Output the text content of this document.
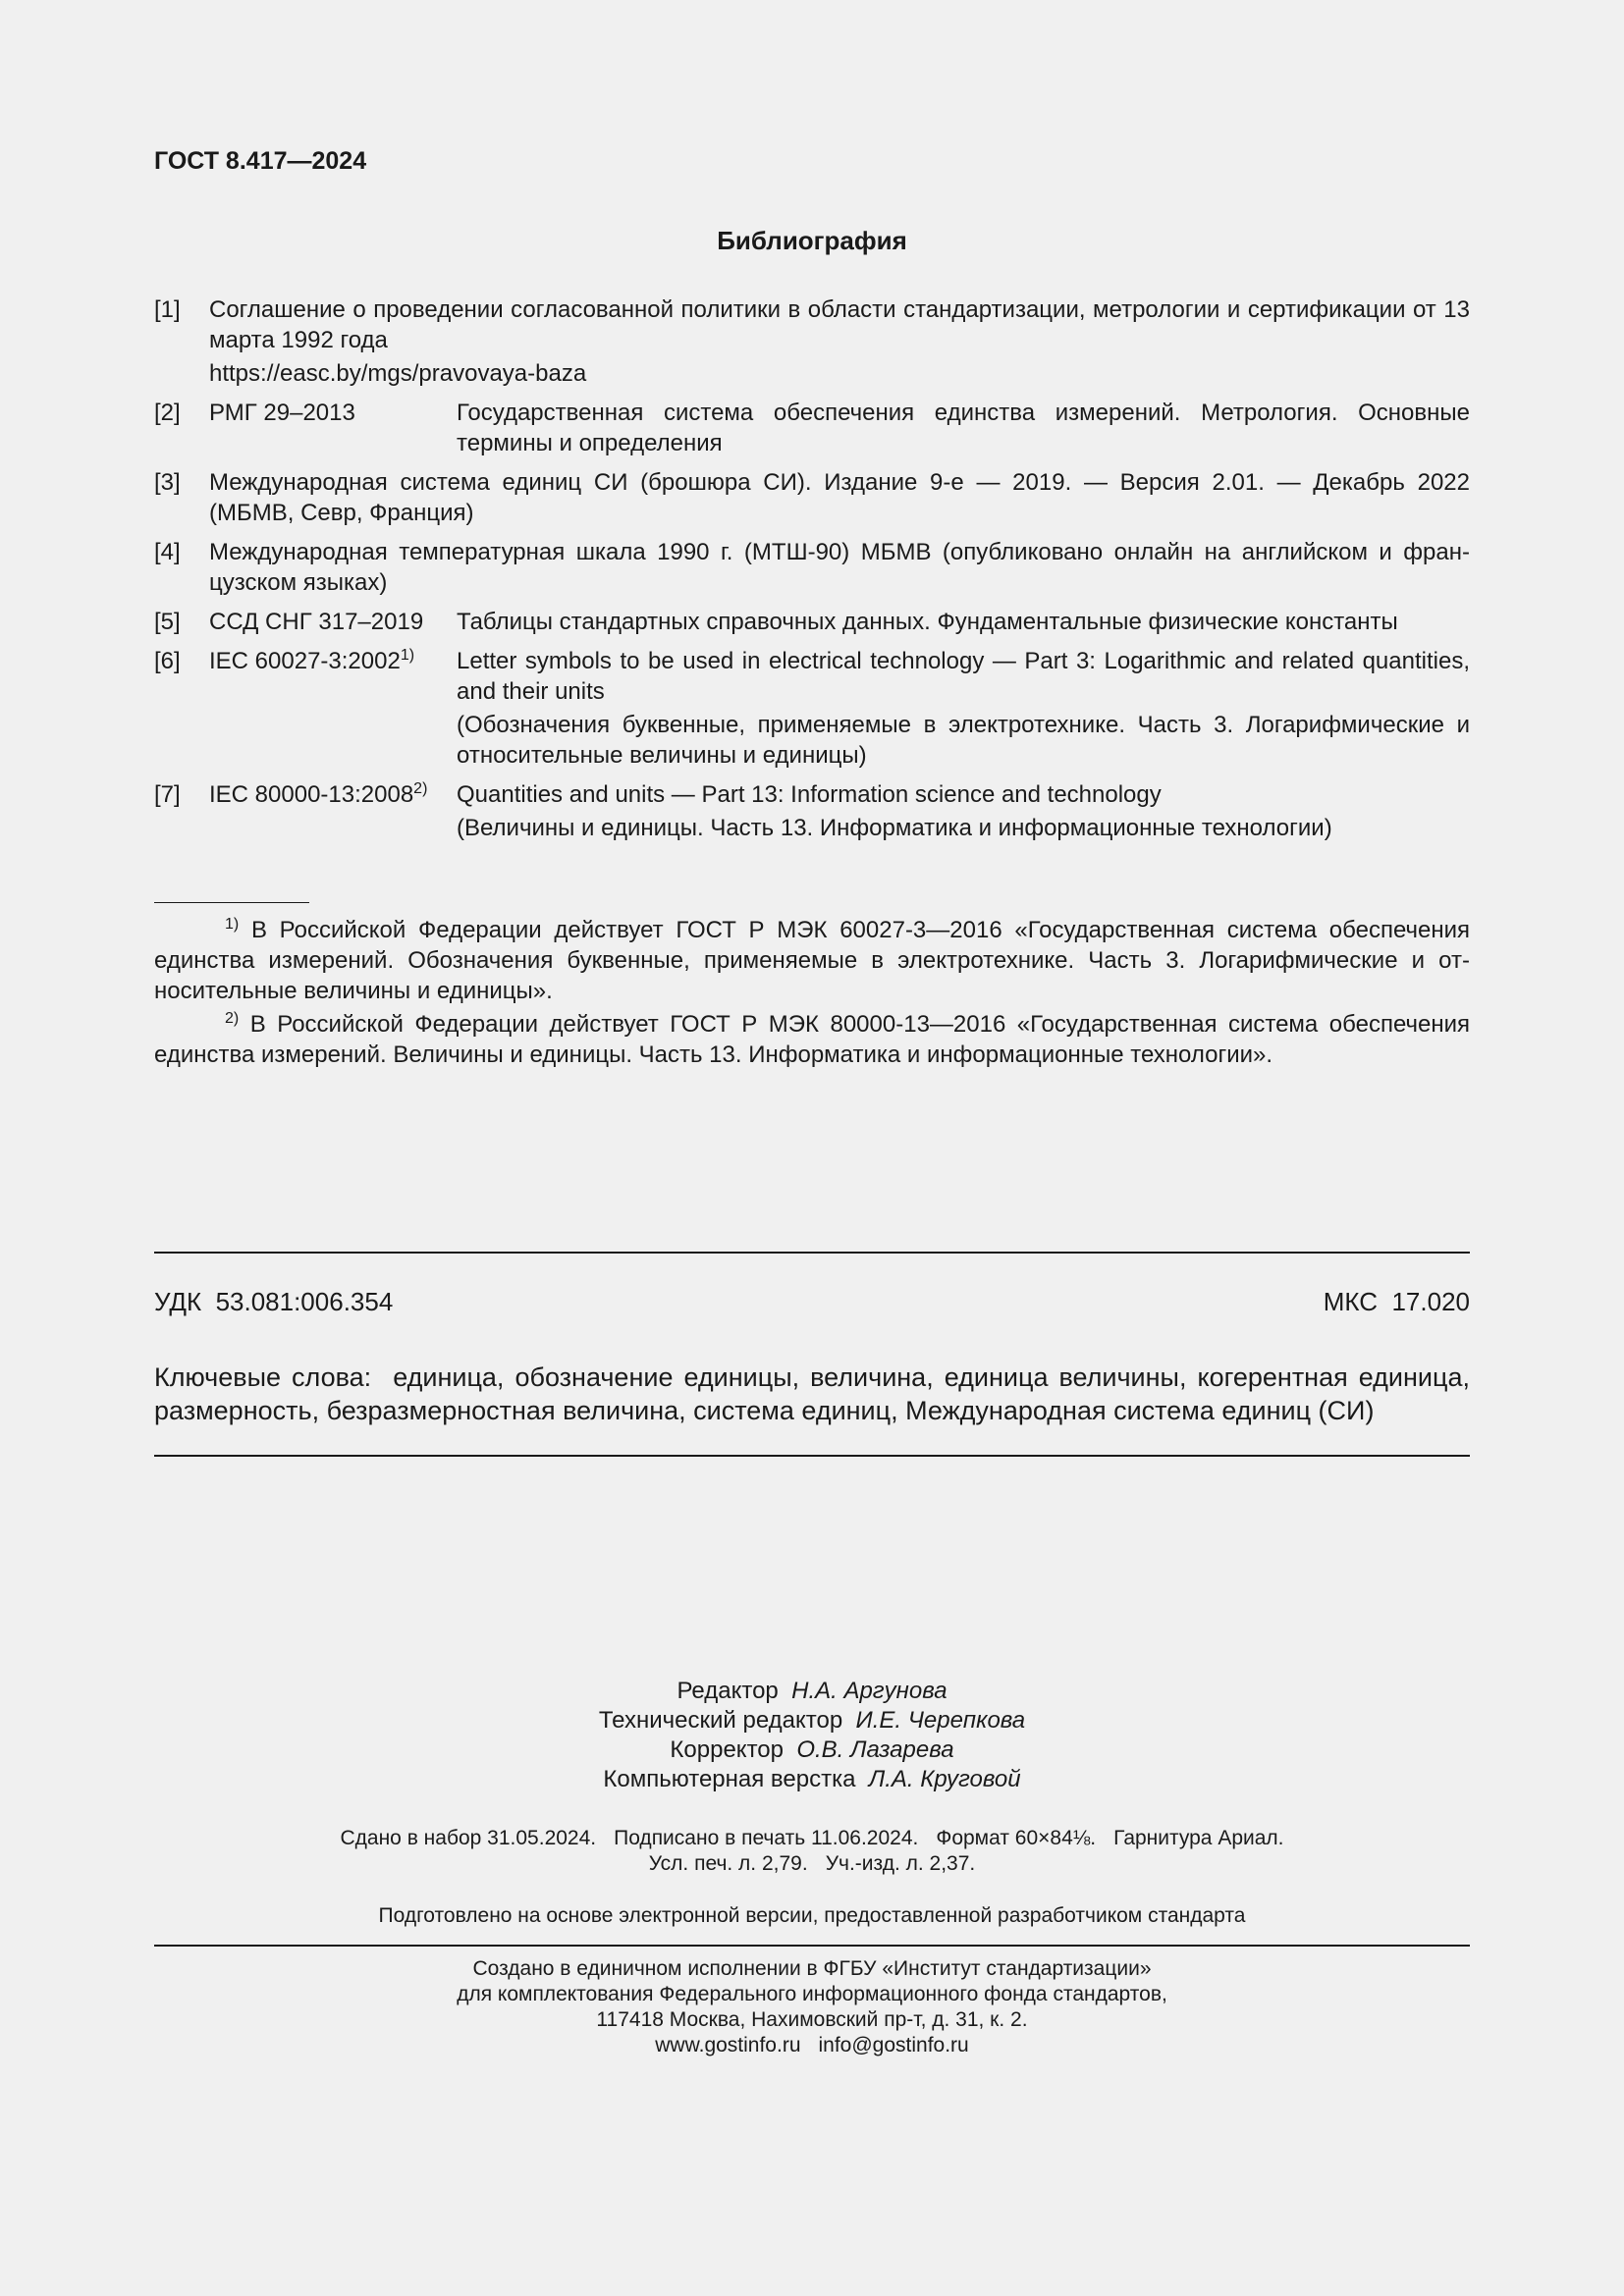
ГОСТ 8.417—2024
Библиография
[1]	Соглашение о проведении согласованной политики в области стандартизации, метрологии и сертификации от 13 марта 1992 года
https://easc.by/mgs/pravovaya-baza
[2]	РМГ 29–2013	Государственная система обеспечения единства измерений. Метрология. Основные термины и определения
[3]	Международная система единиц СИ (брошюра СИ). Издание 9-е — 2019. — Версия 2.01. — Декабрь 2022 (МБМВ, Севр, Франция)
[4]	Международная температурная шкала 1990 г. (МТШ-90) МБМВ (опубликовано онлайн на английском и французском языках)
[5]	ССД СНГ 317–2019	Таблицы стандартных справочных данных. Фундаментальные физические константы
[6]	IEC 60027-3:2002$^{1)}$	Letter symbols to be used in electrical technology — Part 3: Logarithmic and related quantities, and their units
(Обозначения буквенные, применяемые в электротехнике. Часть 3. Логарифмические и относительные величины и единицы)
[7]	IEC 80000-13:2008$^{2)}$	Quantities and units — Part 13: Information science and technology
(Величины и единицы. Часть 13. Информатика и информационные технологии)
$^{1)}$ В Российской Федерации действует ГОСТ Р МЭК 60027-3—2016 «Государственная система обеспечения единства измерений. Обозначения буквенные, применяемые в электротехнике. Часть 3. Логарифмические и относительные величины и единицы».
$^{2)}$ В Российской Федерации действует ГОСТ Р МЭК 80000-13—2016 «Государственная система обеспечения единства измерений. Величины и единицы. Часть 13. Информатика и информационные технологии».
УДК 53.081:006.354	МКС 17.020
Ключевые слова: единица, обозначение единицы, величина, единица величины, когерентная единица, размерность, безразмерностная величина, система единиц, Международная система единиц (СИ)
Редактор Н.А. Аргунова
Технический редактор И.Е. Черепкова
Корректор О.В. Лазарева
Компьютерная верстка Л.А. Круговой
Сдано в набор 31.05.2024. Подписано в печать 11.06.2024. Формат 60×84⅛. Гарнитура Ариал.
Усл. печ. л. 2,79. Уч.-изд. л. 2,37.
Подготовлено на основе электронной версии, предоставленной разработчиком стандарта
Создано в единичном исполнении в ФГБУ «Институт стандартизации»
для комплектования Федерального информационного фонда стандартов,
117418 Москва, Нахимовский пр-т, д. 31, к. 2.
www.gostinfo.ru info@gostinfo.ru
